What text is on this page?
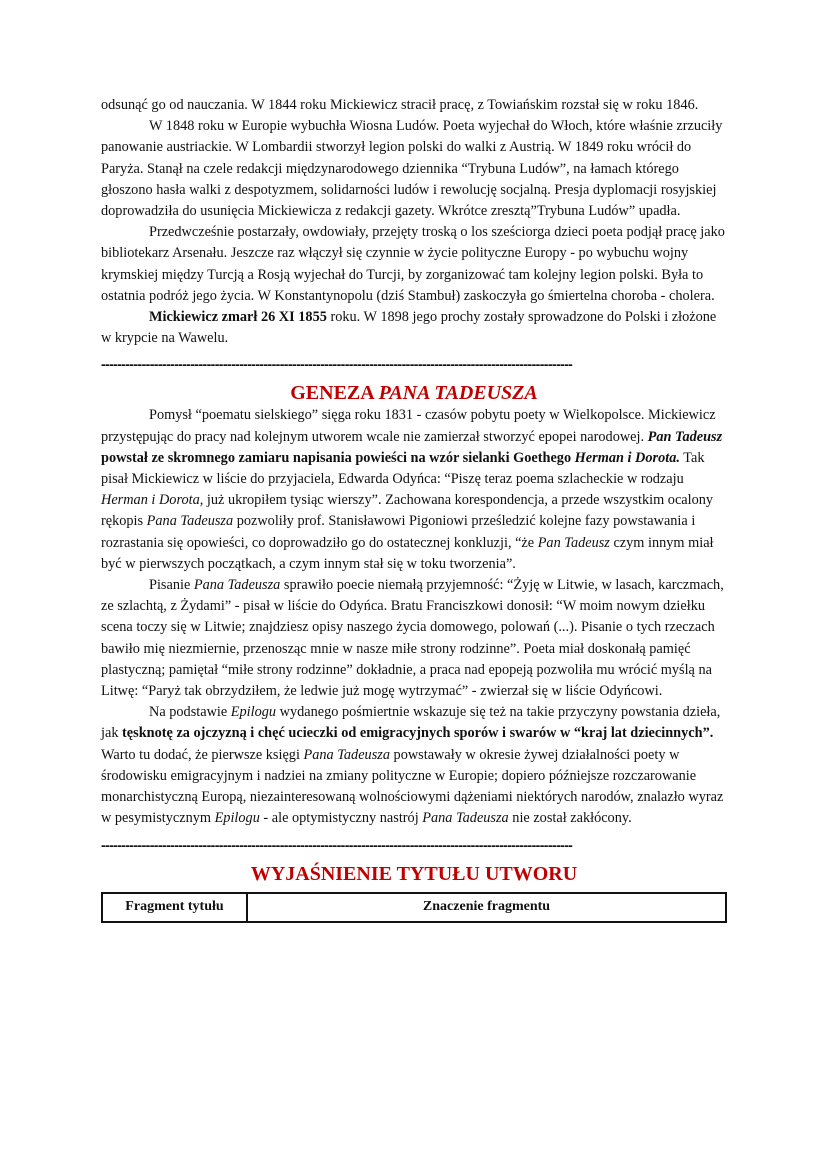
odsunąć go od nauczania. W 1844 roku Mickiewicz stracił pracę, z Towiańskim rozstał się w roku 1846.

W 1848 roku w Europie wybuchła Wiosna Ludów. Poeta wyjechał do Włoch, które właśnie zrzuciły panowanie austriackie. W Lombardii stworzył legion polski do walki z Austrią. W 1849 roku wrócił do Paryża. Stanął na czele redakcji międzynarodowego dziennika “Trybuna Ludów”, na łamach którego głoszono hasła walki z despotyzmem, solidarności ludów i rewolucję socjalną. Presja dyplomacji rosyjskiej doprowadziła do usunięcia Mickiewicza z redakcji gazety. Wkrótce zresztą”Trybuna Ludów” upadła.

Przedwcześnie postarzały, owdowiały, przejęty troską o los sześciorga dzieci poeta podjął pracę jako bibliotekarz Arsenału. Jeszcze raz włączył się czynnie w życie polityczne Europy - po wybuchu wojny krymskiej między Turcją a Rosją wyjechał do Turcji, by zorganizować tam kolejny legion polski. Była to ostatnia podróż jego życia. W Konstantynopolu (dziś Stambuł) zaskoczyła go śmiertelna choroba - cholera.

Mickiewicz zmarł 26 XI 1855 roku. W 1898 jego prochy zostały sprowadzone do Polski i złożone w krypcie na Wawelu.

--------------------------------------------------------------------------------------------------------------------
GENEZA PANA TADEUSZA

Pomysł “poematu sielskiego” sięga roku 1831 - czasów pobytu poety w Wielkopolsce. Mickiewicz przystępując do pracy nad kolejnym utworem wcale nie zamierzał stworzyć epopei narodowej. Pan Tadeusz powstał ze skromnego zamiaru napisania powieści na wzór sielanki Goethego Herman i Dorota. Tak pisał Mickiewicz w liście do przyjaciela, Edwarda Odyńca: “Piszę teraz poema szlacheckie w rodzaju Herman i Dorota, już ukropiłem tysiąc wierszy”. Zachowana korespondencja, a przede wszystkim ocalony rękopis Pana Tadeusza pozwoliły prof. Stanisławowi Pigoniowi prześledzić kolejne fazy powstawania i rozrastania się opowieści, co doprowadziło go do ostatecznej konkluzji, “że Pan Tadeusz czym innym miał być w pierwszych początkach, a czym innym stał się w toku tworzenia”.

Pisanie Pana Tadeusza sprawiło poecie niemałą przyjemność: “Żyję w Litwie, w lasach, karczmach, ze szlachtą, z Żydami” - pisał w liście do Odyńca. Bratu Franciszkowi donosił: “W moim nowym dziełku scena toczy się w Litwie; znajdziesz opisy naszego życia domowego, polowań (...). Pisanie o tych rzeczach bawiło mię niezmiernie, przenosząc mnie w nasze miłe strony rodzinne”. Poeta miał doskonałą pamięć plastyczną; pamiętał “miłe strony rodzinne” dokładnie, a praca nad epopeją pozwoliła mu wrócić myślą na Litwę: “Paryż tak obrzydziłem, że ledwie już mogę wytrzymać” - zwierzał się w liście Odyńcowi.

Na podstawie Epilogu wydanego pośmiertnie wskazuje się też na takie przyczyny powstania dzieła, jak tęsknotę za ojczyzną i chęć ucieczki od emigracyjnych sporów i swarów w “kraj lat dziecinnych”. Warto tu dodać, że pierwsze księgi Pana Tadeusza powstawały w okresie żywej działalności poety w środowisku emigracyjnym i nadziei na zmiany polityczne w Europie; dopiero późniejsze rozczarowanie monarchistyczną Europą, niezainteresowaną wolnościowymi dążeniami niektórych narodów, znalazło wyraz w pesymistycznym Epilogu - ale optymistyczny nastrój Pana Tadeusza nie został zakłócony.

--------------------------------------------------------------------------------------------------------------------
WYJAŚNIENIE TYTUŁU UTWORU
Fragment tytułu	Znaczenie fragmentu
